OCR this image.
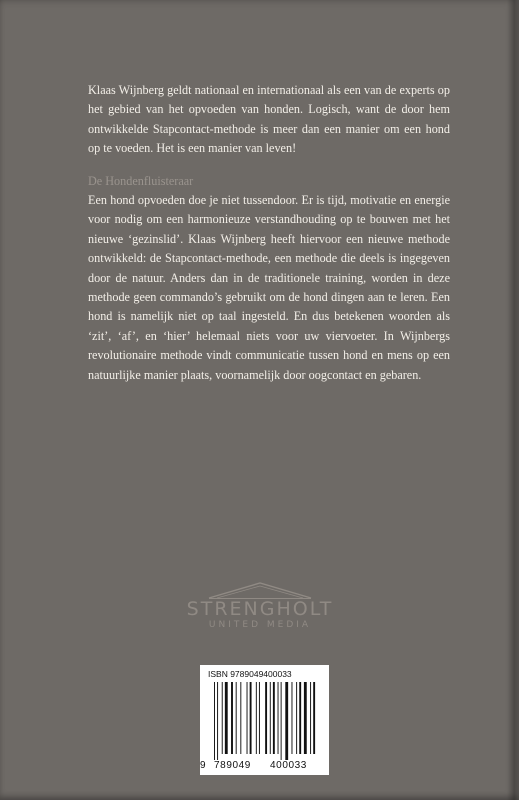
Klaas Wijnberg geldt nationaal en internationaal als een van de experts op het gebied van het opvoeden van honden. Logisch, want de door hem ontwikkelde Stapcontact-methode is meer dan een manier om een hond op te voeden. Het is een manier van leven!
De Hondenfluisteraar
Een hond opvoeden doe je niet tussendoor. Er is tijd, motivatie en energie voor nodig om een harmonieuze verstandhouding op te bouwen met het nieuwe ‘gezinslid’. Klaas Wijnberg heeft hiervoor een nieuwe methode ontwikkeld: de Stapcontact-methode, een methode die deels is ingegeven door de natuur. Anders dan in de traditionele training, worden in deze methode geen commando’s gebruikt om de hond dingen aan te leren. Een hond is namelijk niet op taal ingesteld. En dus betekenen woorden als ‘zit’, ‘af’, en ‘hier’ helemaal niets voor uw viervoeter. In Wijnbergs revolutionaire methode vindt communicatie tussen hond en mens op een natuurlijke manier plaats, voornamelijk door oogcontact en gebaren.
STRENGHOLT
UNITED MEDIA
ISBN 9789049400033
9 789049 400033
